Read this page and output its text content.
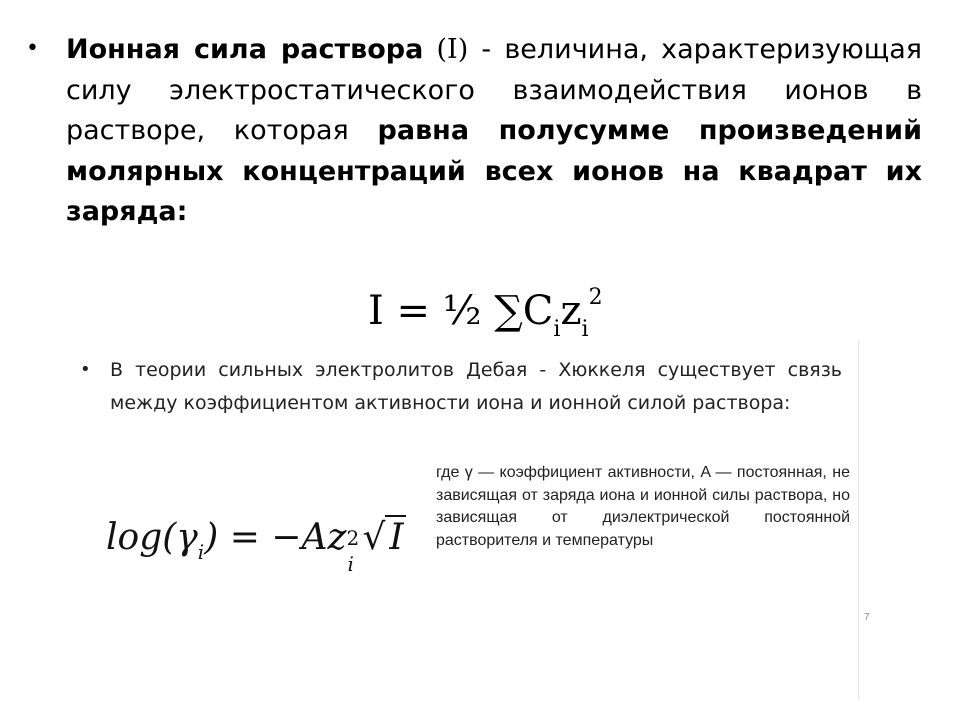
• Ионная сила раствора (I) - величина, характеризующая силу электростатического взаимодействия ионов в растворе, которая равна полусумме произведений молярных концентраций всех ионов на квадрат их заряда:
I = ½ $\sum C_iz_i^2$
• В теории сильных электролитов Дебая - Хюккеля существует связь между коэффициентом активности иона и ионной силой раствора:
$\log(\gamma_i) = -Az$ 2
i
√ I
где γ — коэффициент активности, A — постоянная, не зависящая от заряда иона и ионной силы раствора, но зависящая от диэлектрической постоянной растворителя и температуры
7
